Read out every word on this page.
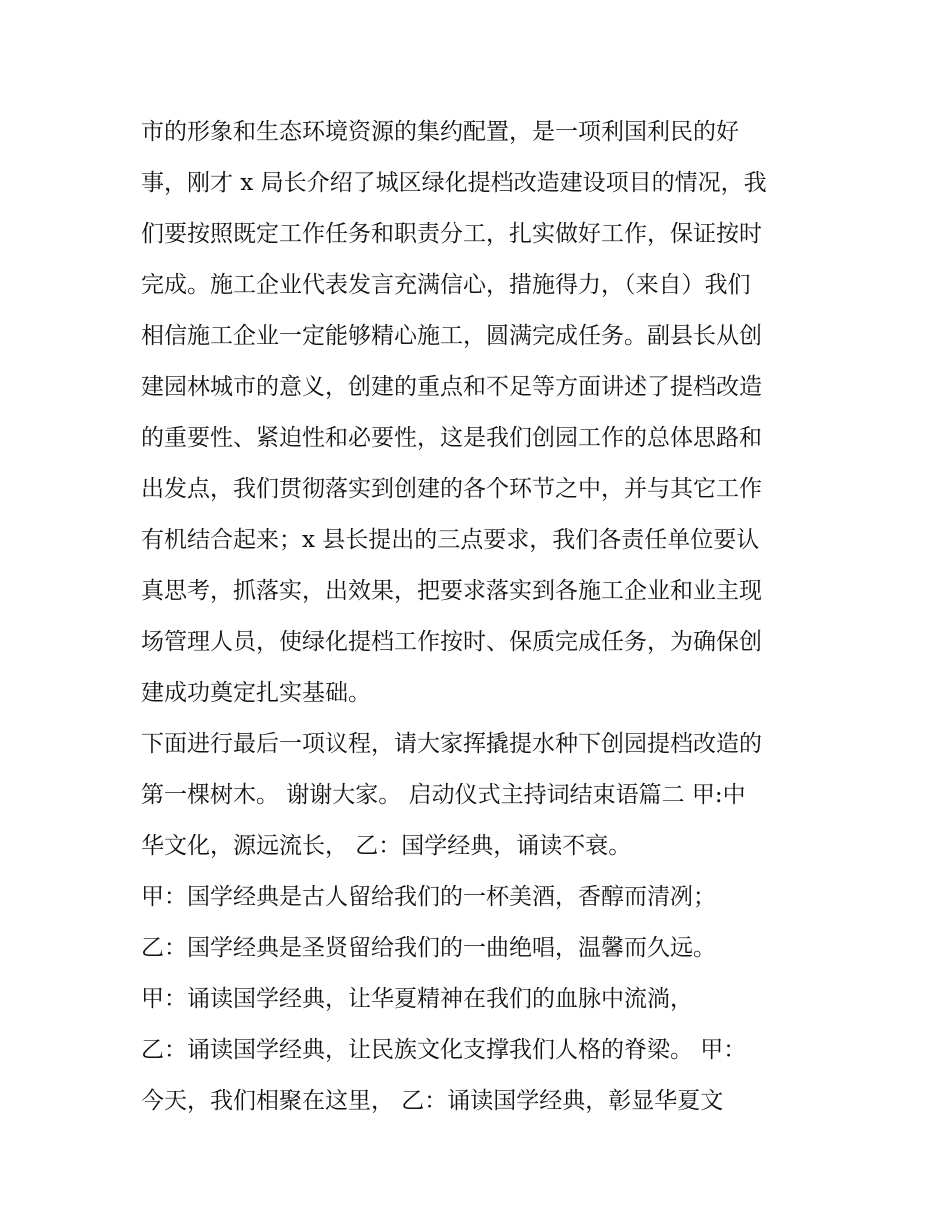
市的形象和生态环境资源的集约配置，是一项利国利民的好
事，刚才 x 局长介绍了城区绿化提档改造建设项目的情况，我
们要按照既定工作任务和职责分工，扎实做好工作，保证按时
完成。施工企业代表发言充满信心，措施得力，（来自）我们
相信施工企业一定能够精心施工，圆满完成任务。副县长从创
建园林城市的意义，创建的重点和不足等方面讲述了提档改造
的重要性、紧迫性和必要性，这是我们创园工作的总体思路和
出发点，我们贯彻落实到创建的各个环节之中，并与其它工作
有机结合起来；x 县长提出的三点要求，我们各责任单位要认
真思考，抓落实，出效果，把要求落实到各施工企业和业主现
场管理人员，使绿化提档工作按时、保质完成任务，为确保创
建成功奠定扎实基础。
下面进行最后一项议程，请大家挥撬提水种下创园提档改造的
第一棵树木。 谢谢大家。 启动仪式主持词结束语篇二 甲:中
华文化，源远流长， 乙：国学经典，诵读不衰。
甲：国学经典是古人留给我们的一杯美酒，香醇而清冽；
乙：国学经典是圣贤留给我们的一曲绝唱，温馨而久远。
甲：诵读国学经典，让华夏精神在我们的血脉中流淌，
乙：诵读国学经典，让民族文化支撑我们人格的脊梁。 甲：
今天，我们相聚在这里， 乙：诵读国学经典，彰显华夏文
